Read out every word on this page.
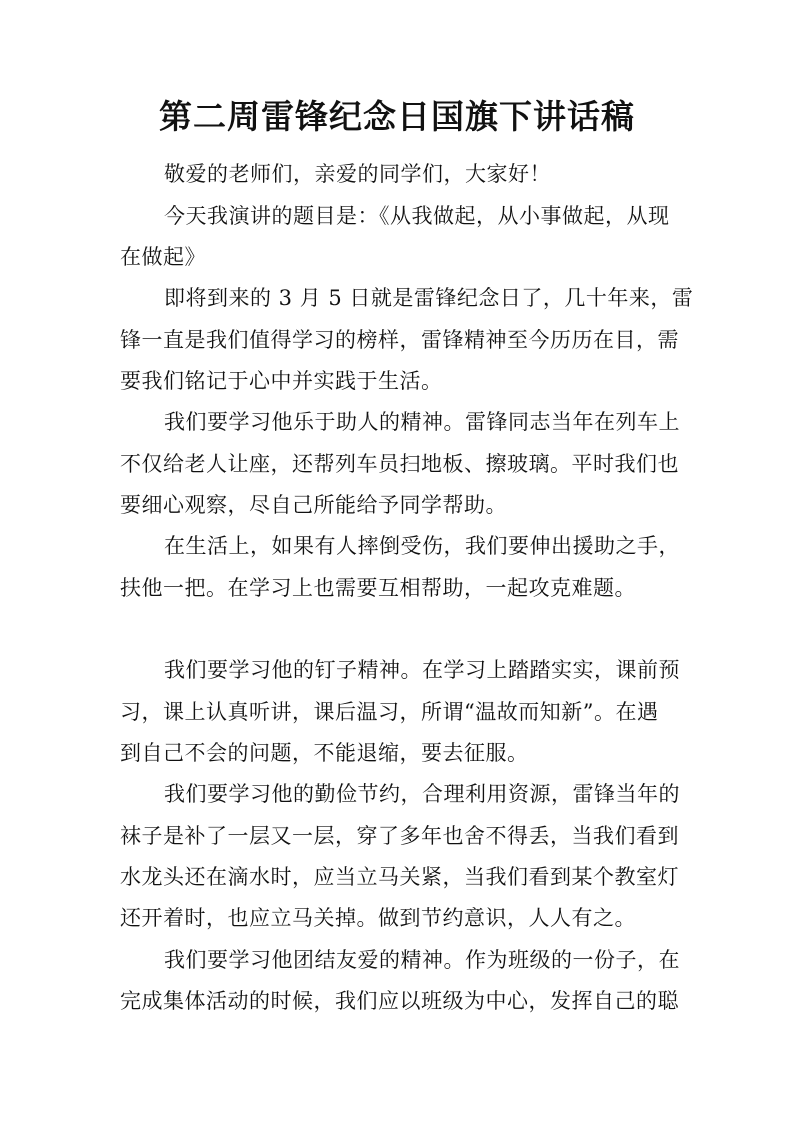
第二周雷锋纪念日国旗下讲话稿
敬爱的老师们，亲爱的同学们，大家好！
今天我演讲的题目是：《从我做起，从小事做起，从现
在做起》
即将到来的 3 月 5 日就是雷锋纪念日了，几十年来，雷
锋一直是我们值得学习的榜样，雷锋精神至今历历在目，需
要我们铭记于心中并实践于生活。
我们要学习他乐于助人的精神。雷锋同志当年在列车上
不仅给老人让座，还帮列车员扫地板、擦玻璃。平时我们也
要细心观察，尽自己所能给予同学帮助。
在生活上，如果有人摔倒受伤，我们要伸出援助之手，
扶他一把。在学习上也需要互相帮助，一起攻克难题。
我们要学习他的钉子精神。在学习上踏踏实实，课前预
习，课上认真听讲，课后温习，所谓“温故而知新”。在遇
到自己不会的问题，不能退缩，要去征服。
我们要学习他的勤俭节约，合理利用资源，雷锋当年的
袜子是补了一层又一层，穿了多年也舍不得丢，当我们看到
水龙头还在滴水时，应当立马关紧，当我们看到某个教室灯
还开着时，也应立马关掉。做到节约意识，人人有之。
我们要学习他团结友爱的精神。作为班级的一份子，在
完成集体活动的时候，我们应以班级为中心，发挥自己的聪
